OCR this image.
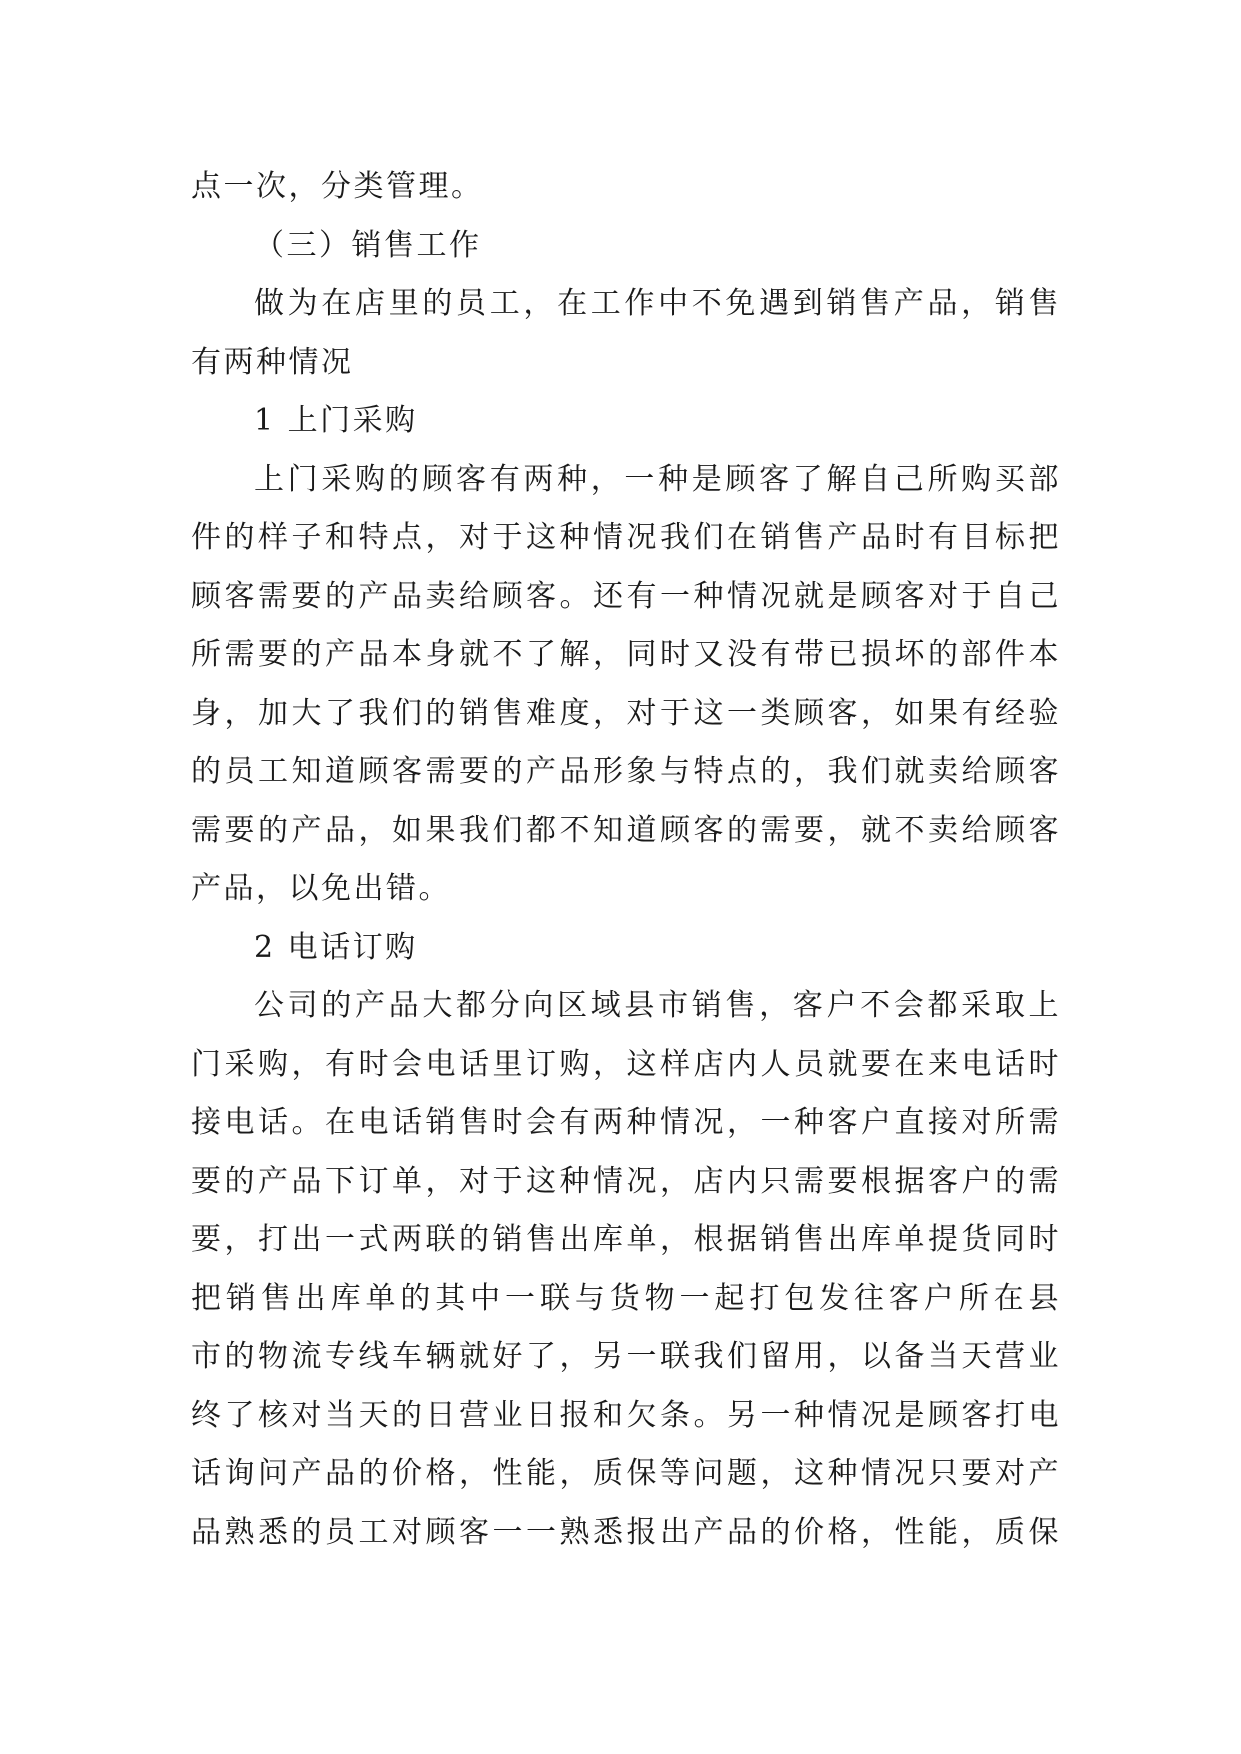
点一次，分类管理。
（三）销售工作
做为在店里的员工，在工作中不免遇到销售产品，销售
有两种情况
1 上门采购
上门采购的顾客有两种，一种是顾客了解自己所购买部
件的样子和特点，对于这种情况我们在销售产品时有目标把
顾客需要的产品卖给顾客。还有一种情况就是顾客对于自己
所需要的产品本身就不了解，同时又没有带已损坏的部件本
身，加大了我们的销售难度，对于这一类顾客，如果有经验
的员工知道顾客需要的产品形象与特点的，我们就卖给顾客
需要的产品，如果我们都不知道顾客的需要，就不卖给顾客
产品，以免出错。
2 电话订购
公司的产品大都分向区域县市销售，客户不会都采取上
门采购，有时会电话里订购，这样店内人员就要在来电话时
接电话。在电话销售时会有两种情况，一种客户直接对所需
要的产品下订单，对于这种情况，店内只需要根据客户的需
要，打出一式两联的销售出库单，根据销售出库单提货同时
把销售出库单的其中一联与货物一起打包发往客户所在县
市的物流专线车辆就好了，另一联我们留用，以备当天营业
终了核对当天的日营业日报和欠条。另一种情况是顾客打电
话询问产品的价格，性能，质保等问题，这种情况只要对产
品熟悉的员工对顾客一一熟悉报出产品的价格，性能，质保
